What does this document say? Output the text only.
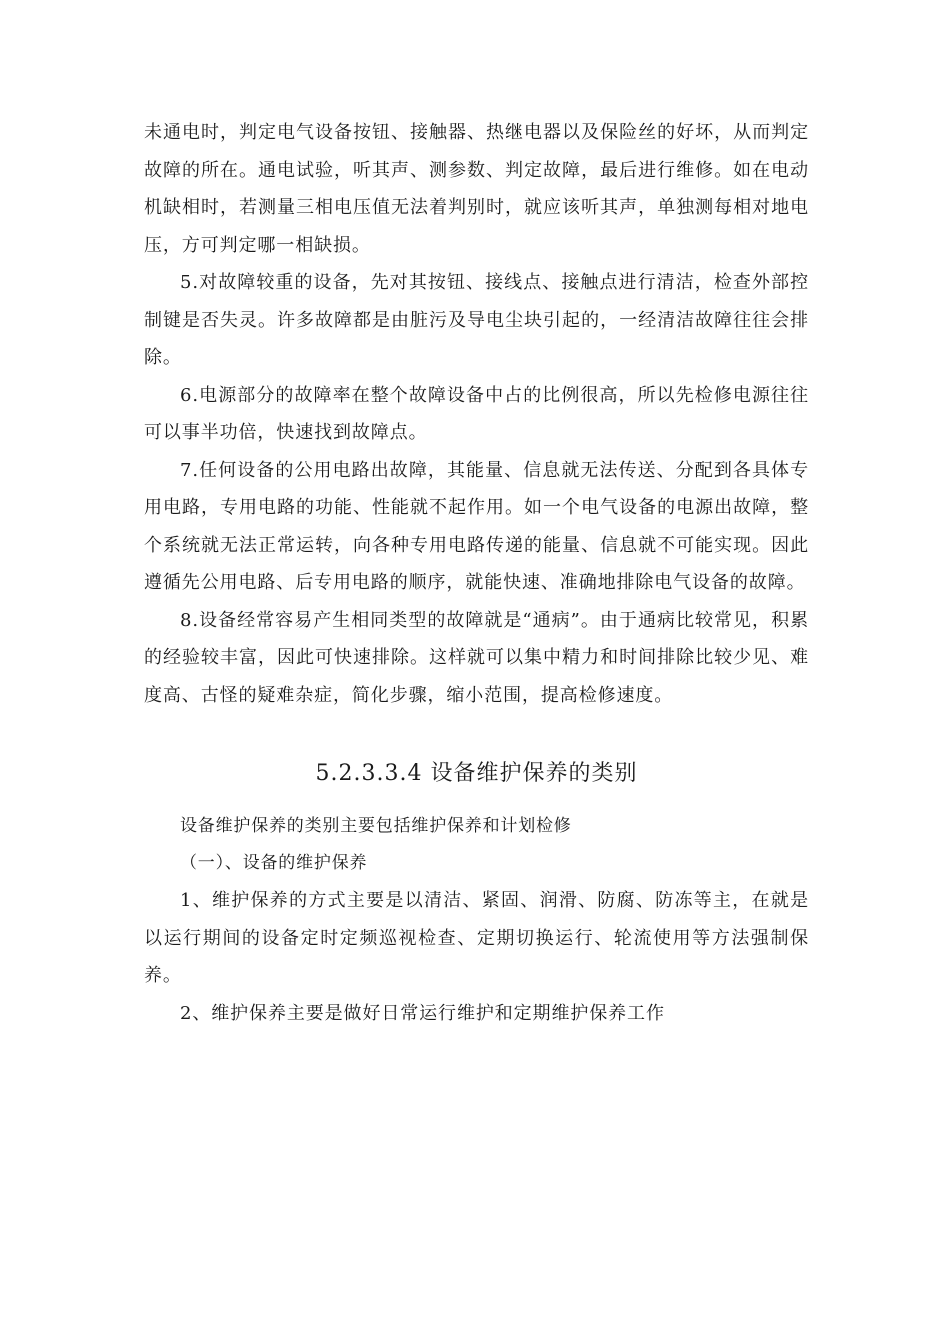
未通电时，判定电气设备按钮、接触器、热继电器以及保险丝的好坏，从而判定故障的所在。通电试验，听其声、测参数、判定故障，最后进行维修。如在电动机缺相时，若测量三相电压值无法着判别时，就应该听其声，单独测每相对地电压，方可判定哪一相缺损。

5.对故障较重的设备，先对其按钮、接线点、接触点进行清洁，检查外部控制键是否失灵。许多故障都是由脏污及导电尘块引起的，一经清洁故障往往会排除。

6.电源部分的故障率在整个故障设备中占的比例很高，所以先检修电源往往可以事半功倍，快速找到故障点。

7.任何设备的公用电路出故障，其能量、信息就无法传送、分配到各具体专用电路，专用电路的功能、性能就不起作用。如一个电气设备的电源出故障，整个系统就无法正常运转，向各种专用电路传递的能量、信息就不可能实现。因此遵循先公用电路、后专用电路的顺序，就能快速、准确地排除电气设备的故障。

8.设备经常容易产生相同类型的故障就是“通病”。由于通病比较常见，积累的经验较丰富，因此可快速排除。这样就可以集中精力和时间排除比较少见、难度高、古怪的疑难杂症，简化步骤，缩小范围，提高检修速度。

5.2.3.3.4 设备维护保养的类别

设备维护保养的类别主要包括维护保养和计划检修

（一）、设备的维护保养

1、维护保养的方式主要是以清洁、紧固、润滑、防腐、防冻等主，在就是以运行期间的设备定时定频巡视检查、定期切换运行、轮流使用等方法强制保养。

2、维护保养主要是做好日常运行维护和定期维护保养工作
